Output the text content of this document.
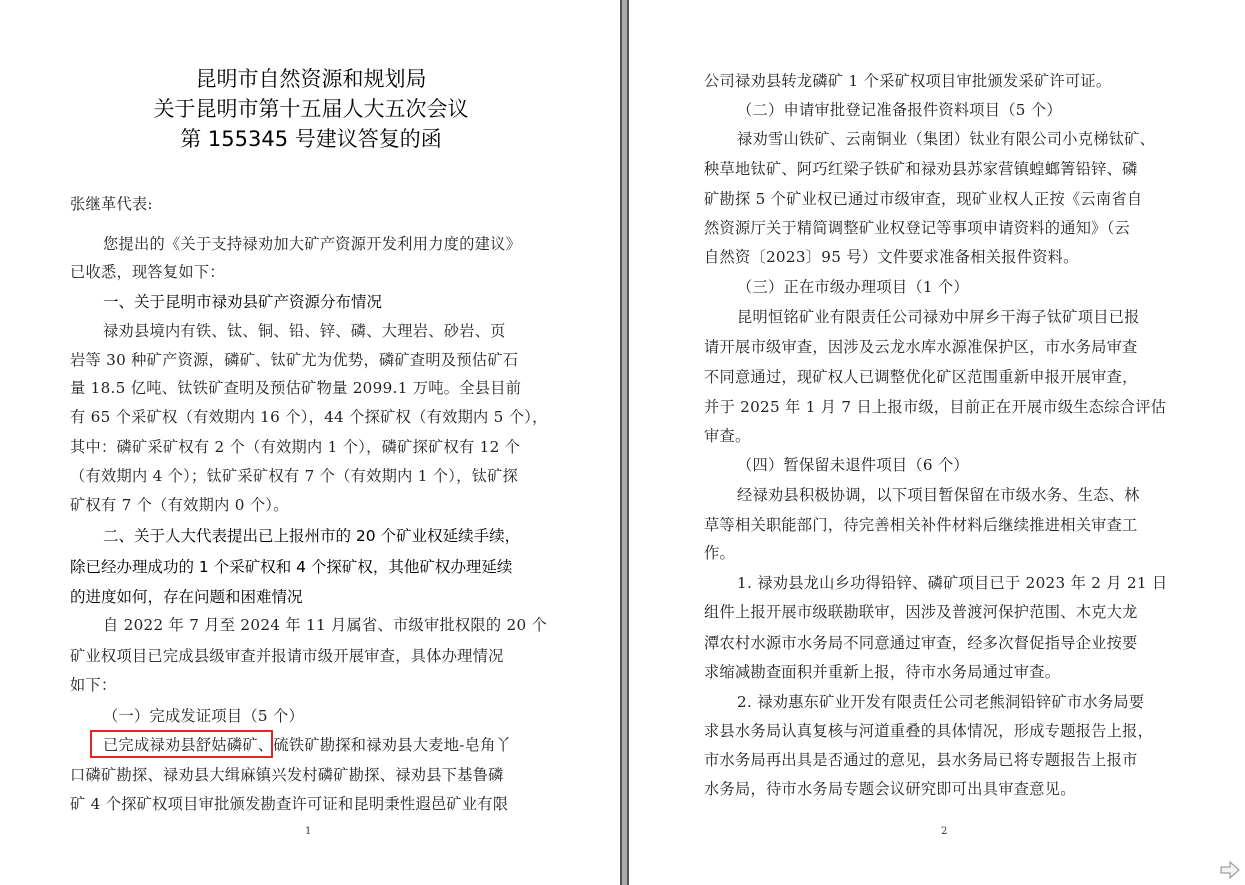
昆明市自然资源和规划局
关于昆明市第十五届人大五次会议
第 155345 号建议答复的函
张继革代表:
您提出的《关于支持禄劝加大矿产资源开发利用力度的建议》
已收悉，现答复如下：
一、关于昆明市禄劝县矿产资源分布情况
禄劝县境内有铁、钛、铜、铅、锌、磷、大理岩、砂岩、页
岩等 30 种矿产资源，磷矿、钛矿尤为优势，磷矿查明及预估矿石
量 18.5 亿吨、钛铁矿查明及预估矿物量 2099.1 万吨。全县目前
有 65 个采矿权（有效期内 16 个），44 个探矿权（有效期内 5 个），
其中：磷矿采矿权有 2 个（有效期内 1 个），磷矿探矿权有 12 个
（有效期内 4 个）；钛矿采矿权有 7 个（有效期内 1 个），钛矿探
矿权有 7 个（有效期内 0 个）。
二、关于人大代表提出已上报州市的 20 个矿业权延续手续，
除已经办理成功的 1 个采矿权和 4 个探矿权，其他矿权办理延续
的进度如何，存在问题和困难情况
自 2022 年 7 月至 2024 年 11 月属省、市级审批权限的 20 个
矿业权项目已完成县级审查并报请市级开展审查，具体办理情况
如下：
（一）完成发证项目（5 个）
已完成禄劝县舒姑磷矿、硫铁矿勘探和禄劝县大麦地-皂角丫
口磷矿勘探、禄劝县大缉麻镇兴发村磷矿勘探、禄劝县下基鲁磷
矿 4 个探矿权项目审批颁发勘查许可证和昆明秉性遐邑矿业有限
1
公司禄劝县转龙磷矿 1 个采矿权项目审批颁发采矿许可证。
（二）申请审批登记准备报件资料项目（5 个）
禄劝雪山铁矿、云南铜业（集团）钛业有限公司小克梯钛矿、
秧草地钛矿、阿巧红梁子铁矿和禄劝县苏家营镇蝗螂箐铅锌、磷
矿勘探 5 个矿业权已通过市级审查，现矿业权人正按《云南省自
然资源厅关于精简调整矿业权登记等事项申请资料的通知》（云
自然资〔2023〕95 号）文件要求准备相关报件资料。
（三）正在市级办理项目（1 个）
昆明恒铭矿业有限责任公司禄劝中屏乡干海子钛矿项目已报
请开展市级审查，因涉及云龙水库水源准保护区，市水务局审查
不同意通过，现矿权人已调整优化矿区范围重新申报开展审查，
并于 2025 年 1 月 7 日上报市级，目前正在开展市级生态综合评估
审查。
（四）暂保留未退件项目（6 个）
经禄劝县积极协调，以下项目暂保留在市级水务、生态、林
草等相关职能部门，待完善相关补件材料后继续推进相关审查工
作。
1. 禄劝县龙山乡功得铅锌、磷矿项目已于 2023 年 2 月 21 日
组件上报开展市级联勘联审，因涉及普渡河保护范围、木克大龙
潭农村水源市水务局不同意通过审查，经多次督促指导企业按要
求缩减勘查面积并重新上报，待市水务局通过审查。
2. 禄劝惠东矿业开发有限责任公司老熊洞铅锌矿市水务局要
求县水务局认真复核与河道重叠的具体情况，形成专题报告上报，
市水务局再出具是否通过的意见，县水务局已将专题报告上报市
水务局，待市水务局专题会议研究即可出具审查意见。
2
